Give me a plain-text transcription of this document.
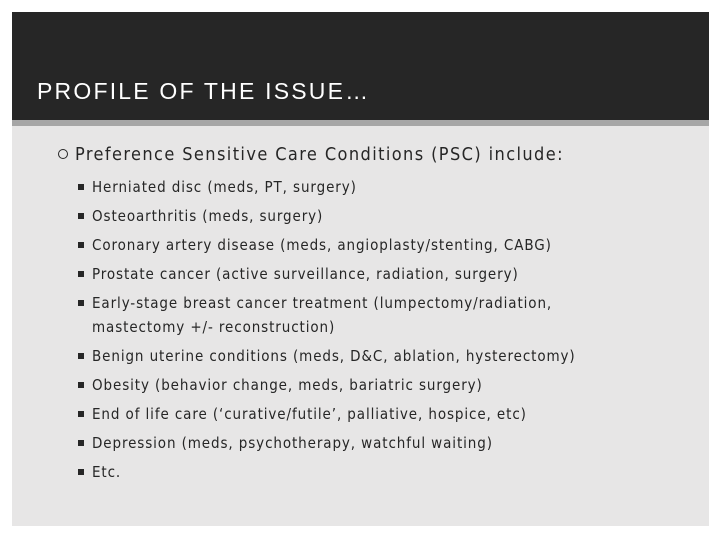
PROFILE OF THE ISSUE…
Preference Sensitive Care Conditions (PSC) include:
Herniated disc (meds, PT, surgery)
Osteoarthritis (meds, surgery)
Coronary artery disease (meds, angioplasty/stenting, CABG)
Prostate cancer (active surveillance, radiation, surgery)
Early-stage breast cancer treatment (lumpectomy/radiation,
mastectomy +/- reconstruction)
Benign uterine conditions (meds, D&C, ablation, hysterectomy)
Obesity (behavior change, meds, bariatric surgery)
End of life care (‘curative/futile’, palliative, hospice, etc)
Depression (meds, psychotherapy, watchful waiting)
Etc.
